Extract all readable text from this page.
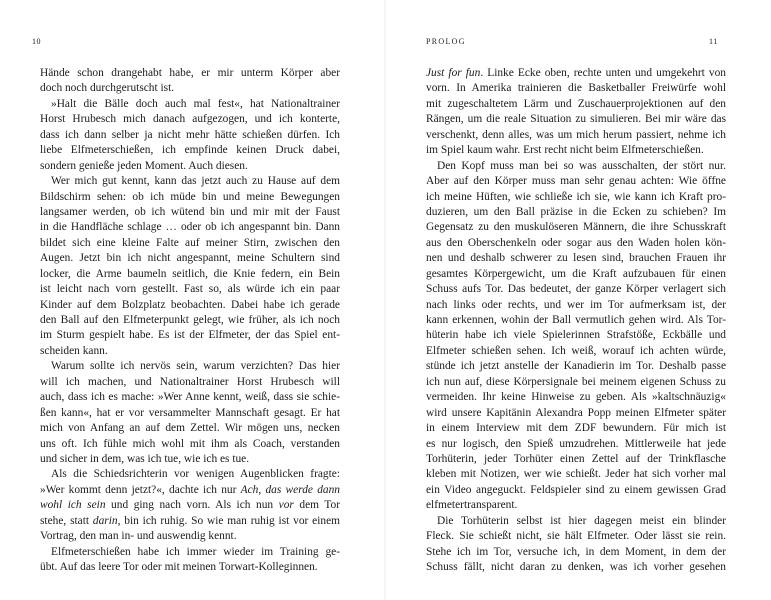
10
Hände schon drangehabt habe, er mir unterm Körper aber
doch noch durchgerutscht ist.
»Halt die Bälle doch auch mal fest«, hat Nationaltrainer
Horst Hrubesch mich danach aufgezogen, und ich konterte,
dass ich dann selber ja nicht mehr hätte schießen dürfen. Ich
liebe Elfmeterschießen, ich empfinde keinen Druck dabei,
sondern genieße jeden Moment. Auch diesen.
Wer mich gut kennt, kann das jetzt auch zu Hause auf dem
Bildschirm sehen: ob ich müde bin und meine Bewegungen
langsamer werden, ob ich wütend bin und mir mit der Faust
in die Handfläche schlage … oder ob ich angespannt bin. Dann
bildet sich eine kleine Falte auf meiner Stirn, zwischen den
Augen. Jetzt bin ich nicht angespannt, meine Schultern sind
locker, die Arme baumeln seitlich, die Knie federn, ein Bein
ist leicht nach vorn gestellt. Fast so, als würde ich ein paar
Kinder auf dem Bolzplatz beobachten. Dabei habe ich gerade
den Ball auf den Elfmeterpunkt gelegt, wie früher, als ich noch
im Sturm gespielt habe. Es ist der Elfmeter, der das Spiel ent-
scheiden kann.
Warum sollte ich nervös sein, warum verzichten? Das hier
will ich machen, und Nationaltrainer Horst Hrubesch will
auch, dass ich es mache: »Wer Anne kennt, weiß, dass sie schie-
ßen kann«, hat er vor versammelter Mannschaft gesagt. Er hat
mich von Anfang an auf dem Zettel. Wir mögen uns, necken
uns oft. Ich fühle mich wohl mit ihm als Coach, verstanden
und sicher in dem, was ich tue, wie ich es tue.
Als die Schiedsrichterin vor wenigen Augenblicken fragte:
»Wer kommt denn jetzt?«, dachte ich nur Ach, das werde dann
wohl ich sein und ging nach vorn. Als ich nun vor dem Tor
stehe, statt darin, bin ich ruhig. So wie man ruhig ist vor einem
Vortrag, den man in- und auswendig kennt.
Elfmeterschießen habe ich immer wieder im Training ge-
übt. Auf das leere Tor oder mit meinen Torwart-Kolleginnen.
PROLOG	11
Just for fun. Linke Ecke oben, rechte unten und umgekehrt von
vorn. In Amerika trainieren die Basketballer Freiwürfe wohl
mit zugeschaltetem Lärm und Zuschauerprojektionen auf den
Rängen, um die reale Situation zu simulieren. Bei mir wäre das
verschenkt, denn alles, was um mich herum passiert, nehme ich
im Spiel kaum wahr. Erst recht nicht beim Elfmeterschießen.
Den Kopf muss man bei so was ausschalten, der stört nur.
Aber auf den Körper muss man sehr genau achten: Wie öffne
ich meine Hüften, wie schließe ich sie, wie kann ich Kraft pro-
duzieren, um den Ball präzise in die Ecken zu schieben? Im
Gegensatz zu den muskulöseren Männern, die ihre Schusskraft
aus den Oberschenkeln oder sogar aus den Waden holen kön-
nen und deshalb schwerer zu lesen sind, brauchen Frauen ihr
gesamtes Körpergewicht, um die Kraft aufzubauen für einen
Schuss aufs Tor. Das bedeutet, der ganze Körper verlagert sich
nach links oder rechts, und wer im Tor aufmerksam ist, der
kann erkennen, wohin der Ball vermutlich gehen wird. Als Tor-
hüterin habe ich viele Spielerinnen Strafstöße, Eckbälle und
Elfmeter schießen sehen. Ich weiß, worauf ich achten würde,
stünde ich jetzt anstelle der Kanadierin im Tor. Deshalb passe
ich nun auf, diese Körpersignale bei meinem eigenen Schuss zu
vermeiden. Ihr keine Hinweise zu geben. Als »kaltschnäuzig«
wird unsere Kapitänin Alexandra Popp meinen Elfmeter später
in einem Interview mit dem ZDF bewundern. Für mich ist
es nur logisch, den Spieß umzudrehen. Mittlerweile hat jede
Torhüterin, jeder Torhüter einen Zettel auf der Trinkflasche
kleben mit Notizen, wer wie schießt. Jeder hat sich vorher mal
ein Video angeguckt. Feldspieler sind zu einem gewissen Grad
elfmetertransparent.
Die Torhüterin selbst ist hier dagegen meist ein blinder
Fleck. Sie schießt nicht, sie hält Elfmeter. Oder lässt sie rein.
Stehe ich im Tor, versuche ich, in dem Moment, in dem der
Schuss fällt, nicht daran zu denken, was ich vorher gesehen
